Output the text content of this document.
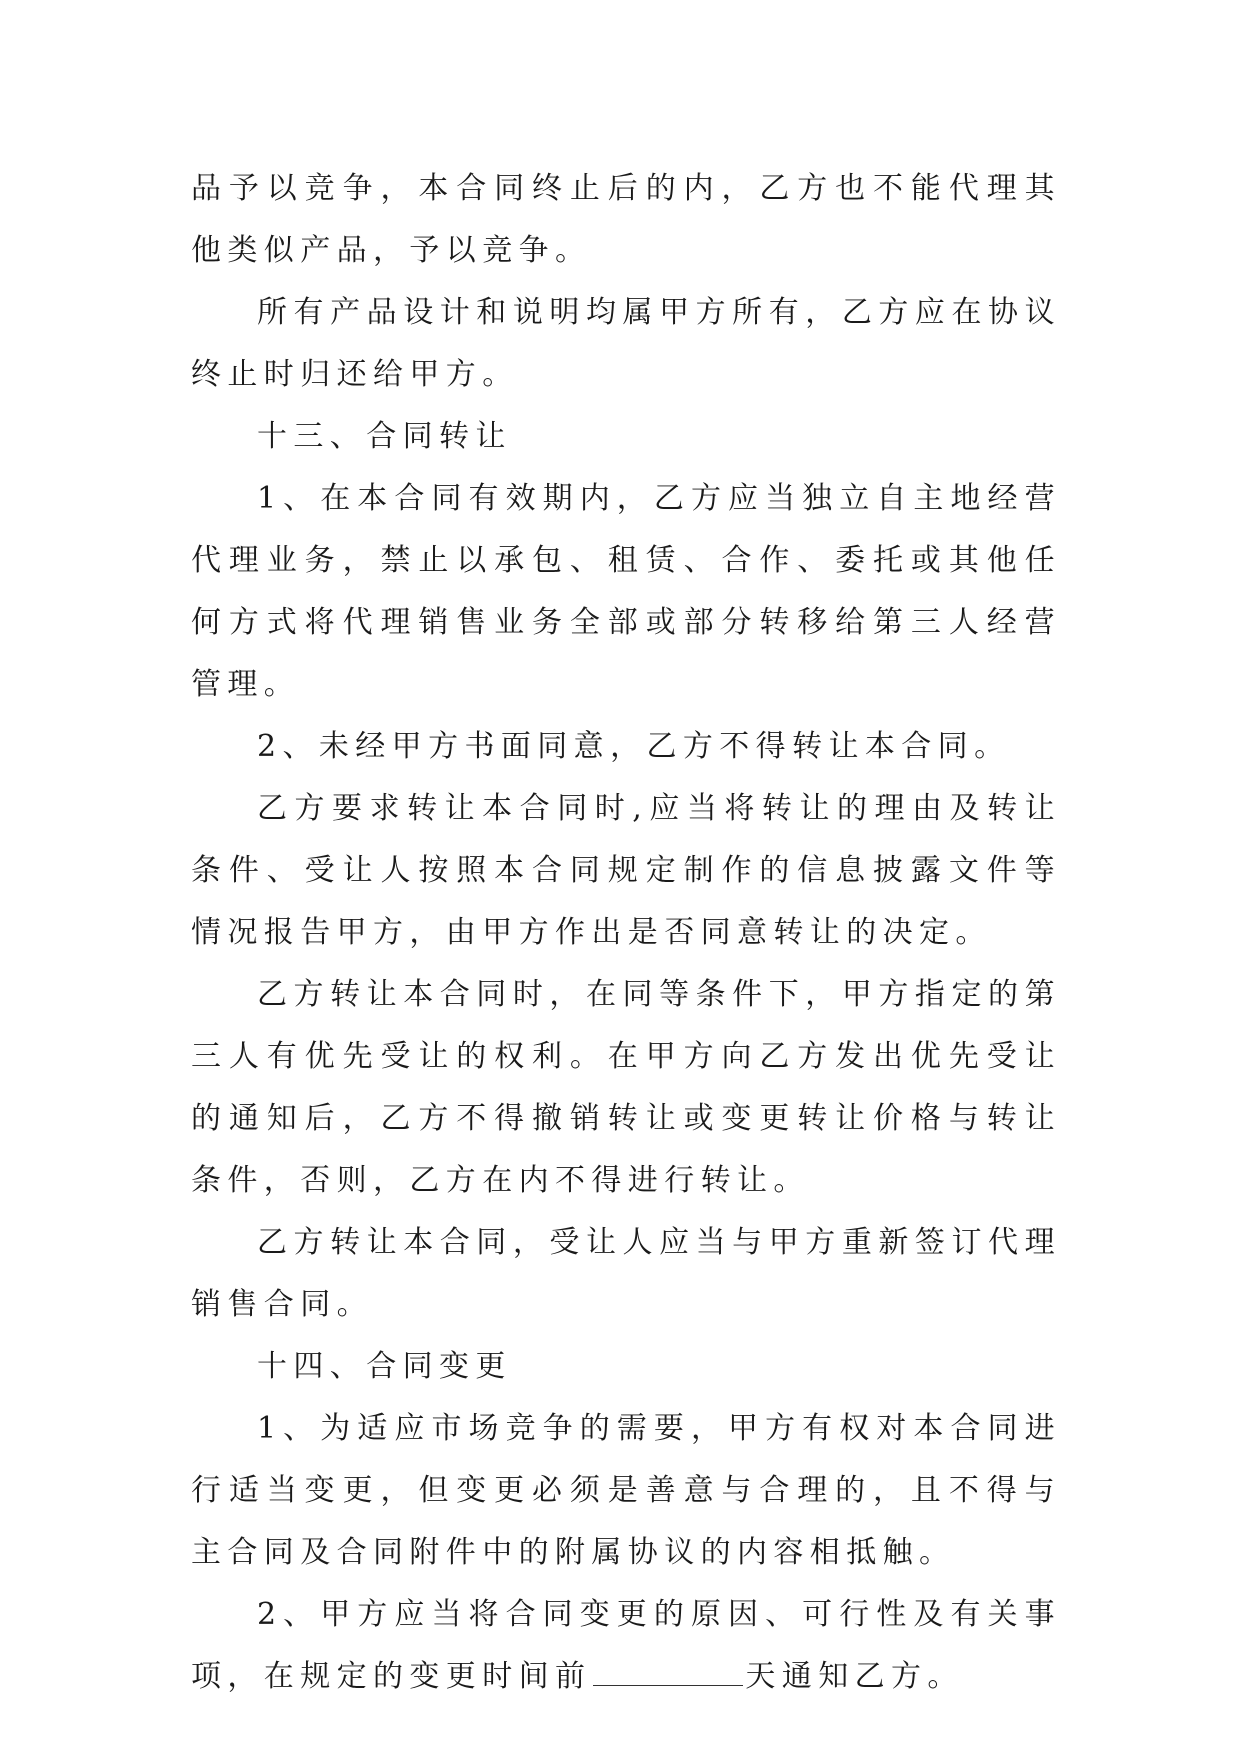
品予以竞争，本合同终止后的内，乙方也不能代理其他类似产品，予以竞争。

所有产品设计和说明均属甲方所有，乙方应在协议终止时归还给甲方。

十三、合同转让

1、在本合同有效期内，乙方应当独立自主地经营代理业务，禁止以承包、租赁、合作、委托或其他任何方式将代理销售业务全部或部分转移给第三人经营管理。

2、未经甲方书面同意，乙方不得转让本合同。

乙方要求转让本合同时,应当将转让的理由及转让条件、受让人按照本合同规定制作的信息披露文件等情况报告甲方，由甲方作出是否同意转让的决定。

乙方转让本合同时，在同等条件下，甲方指定的第三人有优先受让的权利。在甲方向乙方发出优先受让的通知后，乙方不得撤销转让或变更转让价格与转让条件，否则，乙方在内不得进行转让。

乙方转让本合同，受让人应当与甲方重新签订代理销售合同。

十四、合同变更

1、为适应市场竞争的需要，甲方有权对本合同进行适当变更，但变更必须是善意与合理的，且不得与主合同及合同附件中的附属协议的内容相抵触。

2、甲方应当将合同变更的原因、可行性及有关事项，在规定的变更时间前	天通知乙方。
